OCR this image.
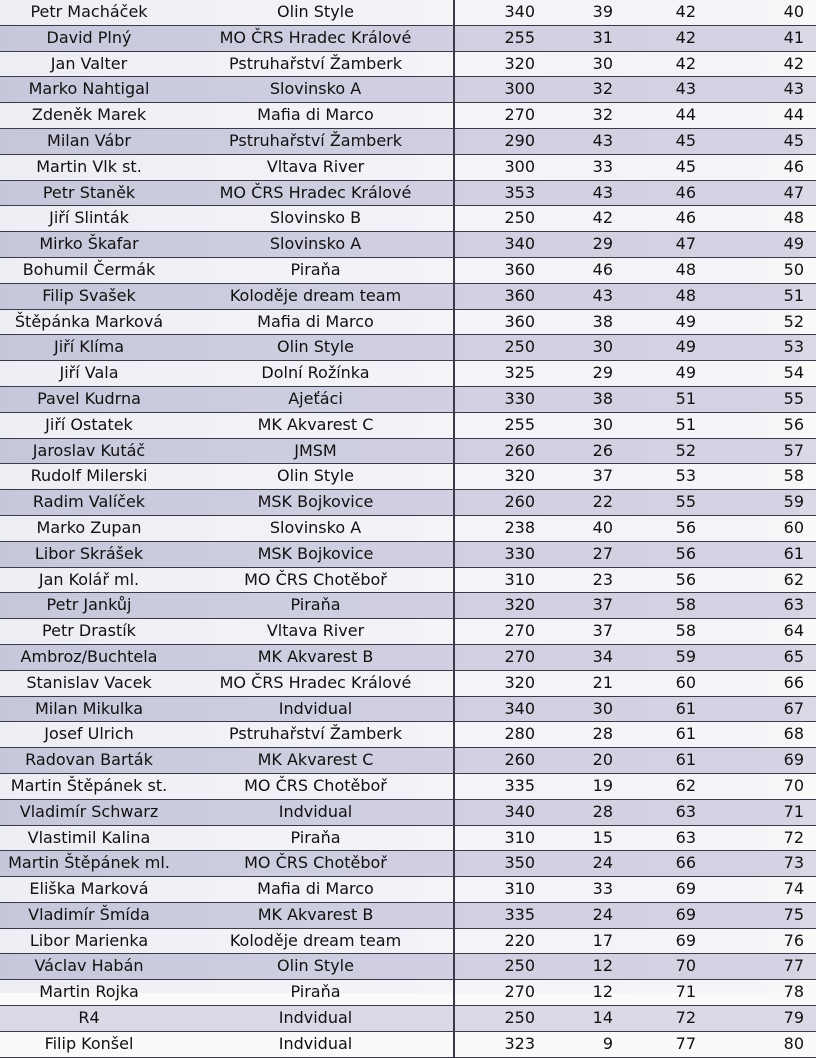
Petr Macháček	Olin Style	340	39	42	40
David Plný	MO ČRS Hradec Králové	255	31	42	41
Jan Valter	Pstruhařství Žamberk	320	30	42	42
Marko Nahtigal	Slovinsko A	300	32	43	43
Zdeněk Marek	Mafia di Marco	270	32	44	44
Milan Vábr	Pstruhařství Žamberk	290	43	45	45
Martin Vlk st.	Vltava River	300	33	45	46
Petr Staněk	MO ČRS Hradec Králové	353	43	46	47
Jiří Slinták	Slovinsko B	250	42	46	48
Mirko Škafar	Slovinsko A	340	29	47	49
Bohumil Čermák	Piraňa	360	46	48	50
Filip Svašek	Koloděje dream team	360	43	48	51
Štěpánka Marková	Mafia di Marco	360	38	49	52
Jiří Klíma	Olin Style	250	30	49	53
Jiří Vala	Dolní Rožínka	325	29	49	54
Pavel Kudrna	Ajeťáci	330	38	51	55
Jiří Ostatek	MK Akvarest C	255	30	51	56
Jaroslav Kutáč	JMSM	260	26	52	57
Rudolf Milerski	Olin Style	320	37	53	58
Radim Valíček	MSK Bojkovice	260	22	55	59
Marko Zupan	Slovinsko A	238	40	56	60
Libor Skrášek	MSK Bojkovice	330	27	56	61
Jan Kolář ml.	MO ČRS Chotěboř	310	23	56	62
Petr Jankůj	Piraňa	320	37	58	63
Petr Drastík	Vltava River	270	37	58	64
Ambroz/Buchtela	MK Akvarest B	270	34	59	65
Stanislav Vacek	MO ČRS Hradec Králové	320	21	60	66
Milan Mikulka	Indvidual	340	30	61	67
Josef Ulrich	Pstruhařství Žamberk	280	28	61	68
Radovan Barták	MK Akvarest C	260	20	61	69
Martin Štěpánek st.	MO ČRS Chotěboř	335	19	62	70
Vladimír Schwarz	Indvidual	340	28	63	71
Vlastimil Kalina	Piraňa	310	15	63	72
Martin Štěpánek ml.	MO ČRS Chotěboř	350	24	66	73
Eliška Marková	Mafia di Marco	310	33	69	74
Vladimír Šmída	MK Akvarest B	335	24	69	75
Libor Marienka	Koloděje dream team	220	17	69	76
Václav Habán	Olin Style	250	12	70	77
Martin Rojka	Piraňa	270	12	71	78
R4	Indvidual	250	14	72	79
Filip Konšel	Indvidual	323	9	77	80
